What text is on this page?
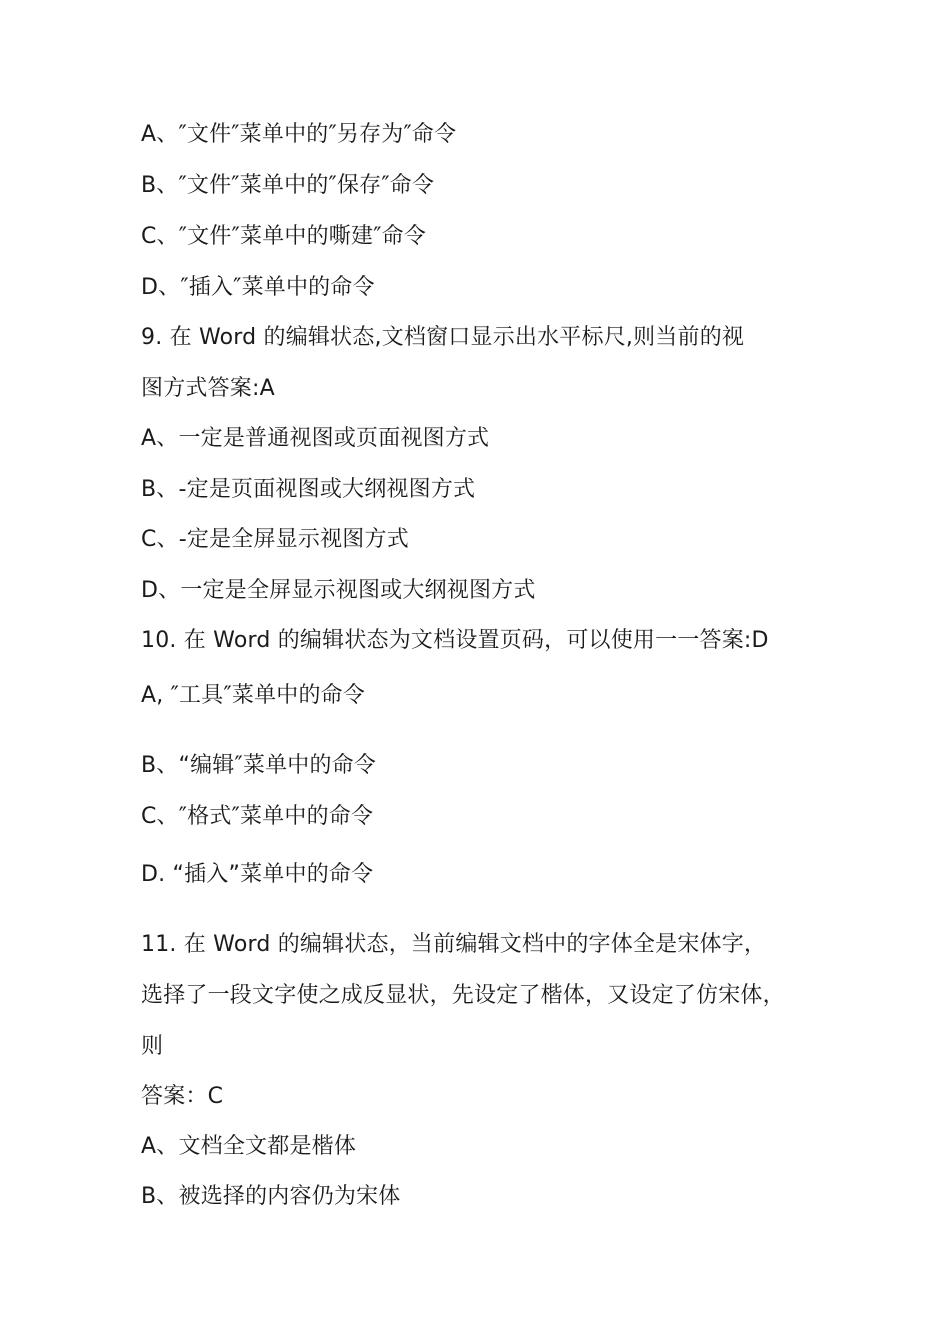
A、″文件″菜单中的″另存为″命令
B、″文件″菜单中的″保存″命令
C、″文件″菜单中的嘶建″命令
D、″插入″菜单中的命令
9. 在 Word 的编辑状态,文档窗口显示出水平标尺,则当前的视
图方式答案:A
A、一定是普通视图或页面视图方式
B、-定是页面视图或大纲视图方式
C、-定是全屏显示视图方式
D、一定是全屏显示视图或大纲视图方式
10. 在 Word 的编辑状态为文档设置页码，可以使用一一答案:D
A, ″工具″菜单中的命令
B、“编辑″菜单中的命令
C、″格式″菜单中的命令
D. “插入”菜单中的命令
11. 在 Word 的编辑状态，当前编辑文档中的字体全是宋体字，
选择了一段文字使之成反显状，先设定了楷体，又设定了仿宋体，
则
答案：C
A、文档全文都是楷体
B、被选择的内容仍为宋体
